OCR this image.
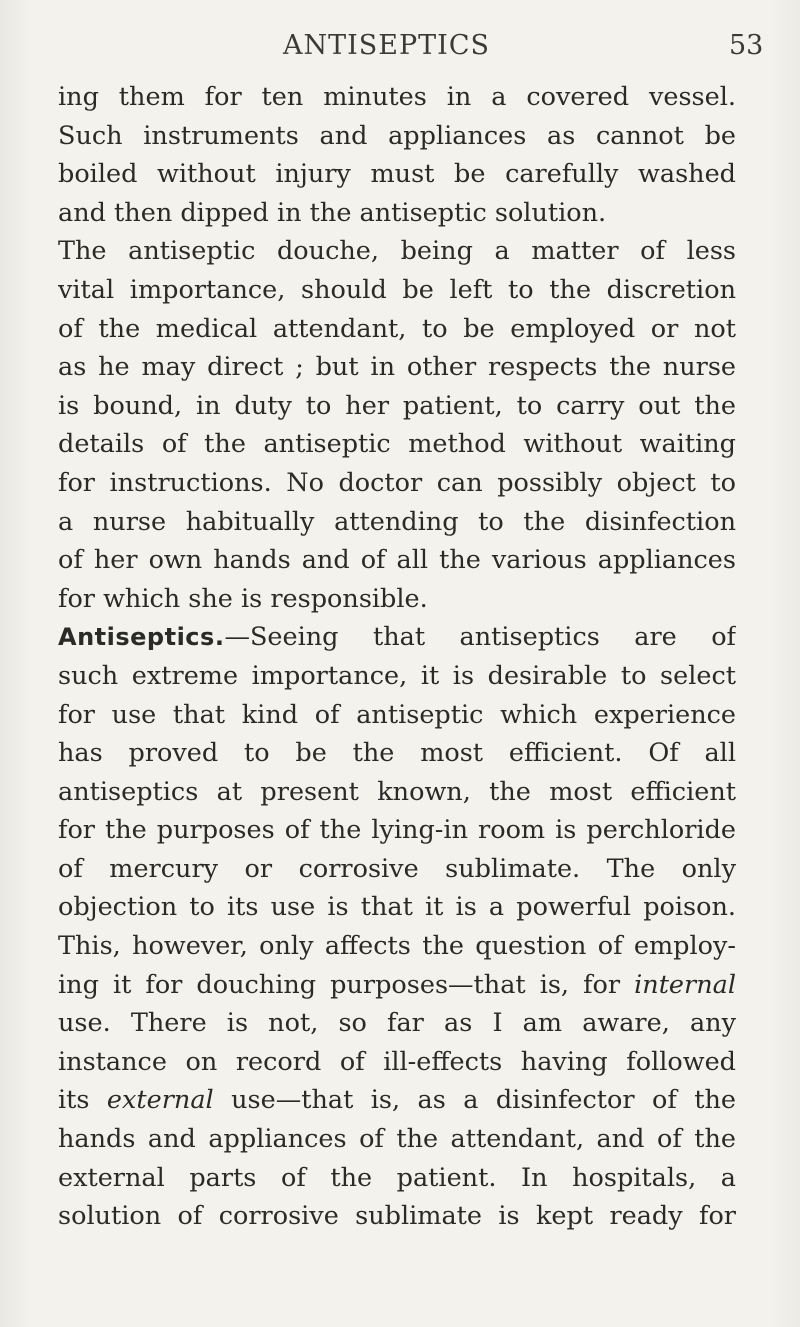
ANTISEPTICS	53
ing them for ten minutes in a covered vessel.
Such instruments and appliances as cannot be
boiled without injury must be carefully washed
and then dipped in the antiseptic solution.
The antiseptic douche, being a matter of less
vital importance, should be left to the discretion
of the medical attendant, to be employed or not
as he may direct ; but in other respects the nurse
is bound, in duty to her patient, to carry out the
details of the antiseptic method without waiting
for instructions. No doctor can possibly object to
a nurse habitually attending to the disinfection
of her own hands and of all the various appliances
for which she is responsible.
Antiseptics.—Seeing that antiseptics are of
such extreme importance, it is desirable to select
for use that kind of antiseptic which experience
has proved to be the most efficient. Of all
antiseptics at present known, the most efficient
for the purposes of the lying-in room is perchloride
of mercury or corrosive sublimate. The only
objection to its use is that it is a powerful poison.
This, however, only affects the question of employ-
ing it for douching purposes—that is, for internal
use. There is not, so far as I am aware, any
instance on record of ill-effects having followed
its external use—that is, as a disinfector of the
hands and appliances of the attendant, and of the
external parts of the patient. In hospitals, a
solution of corrosive sublimate is kept ready for
